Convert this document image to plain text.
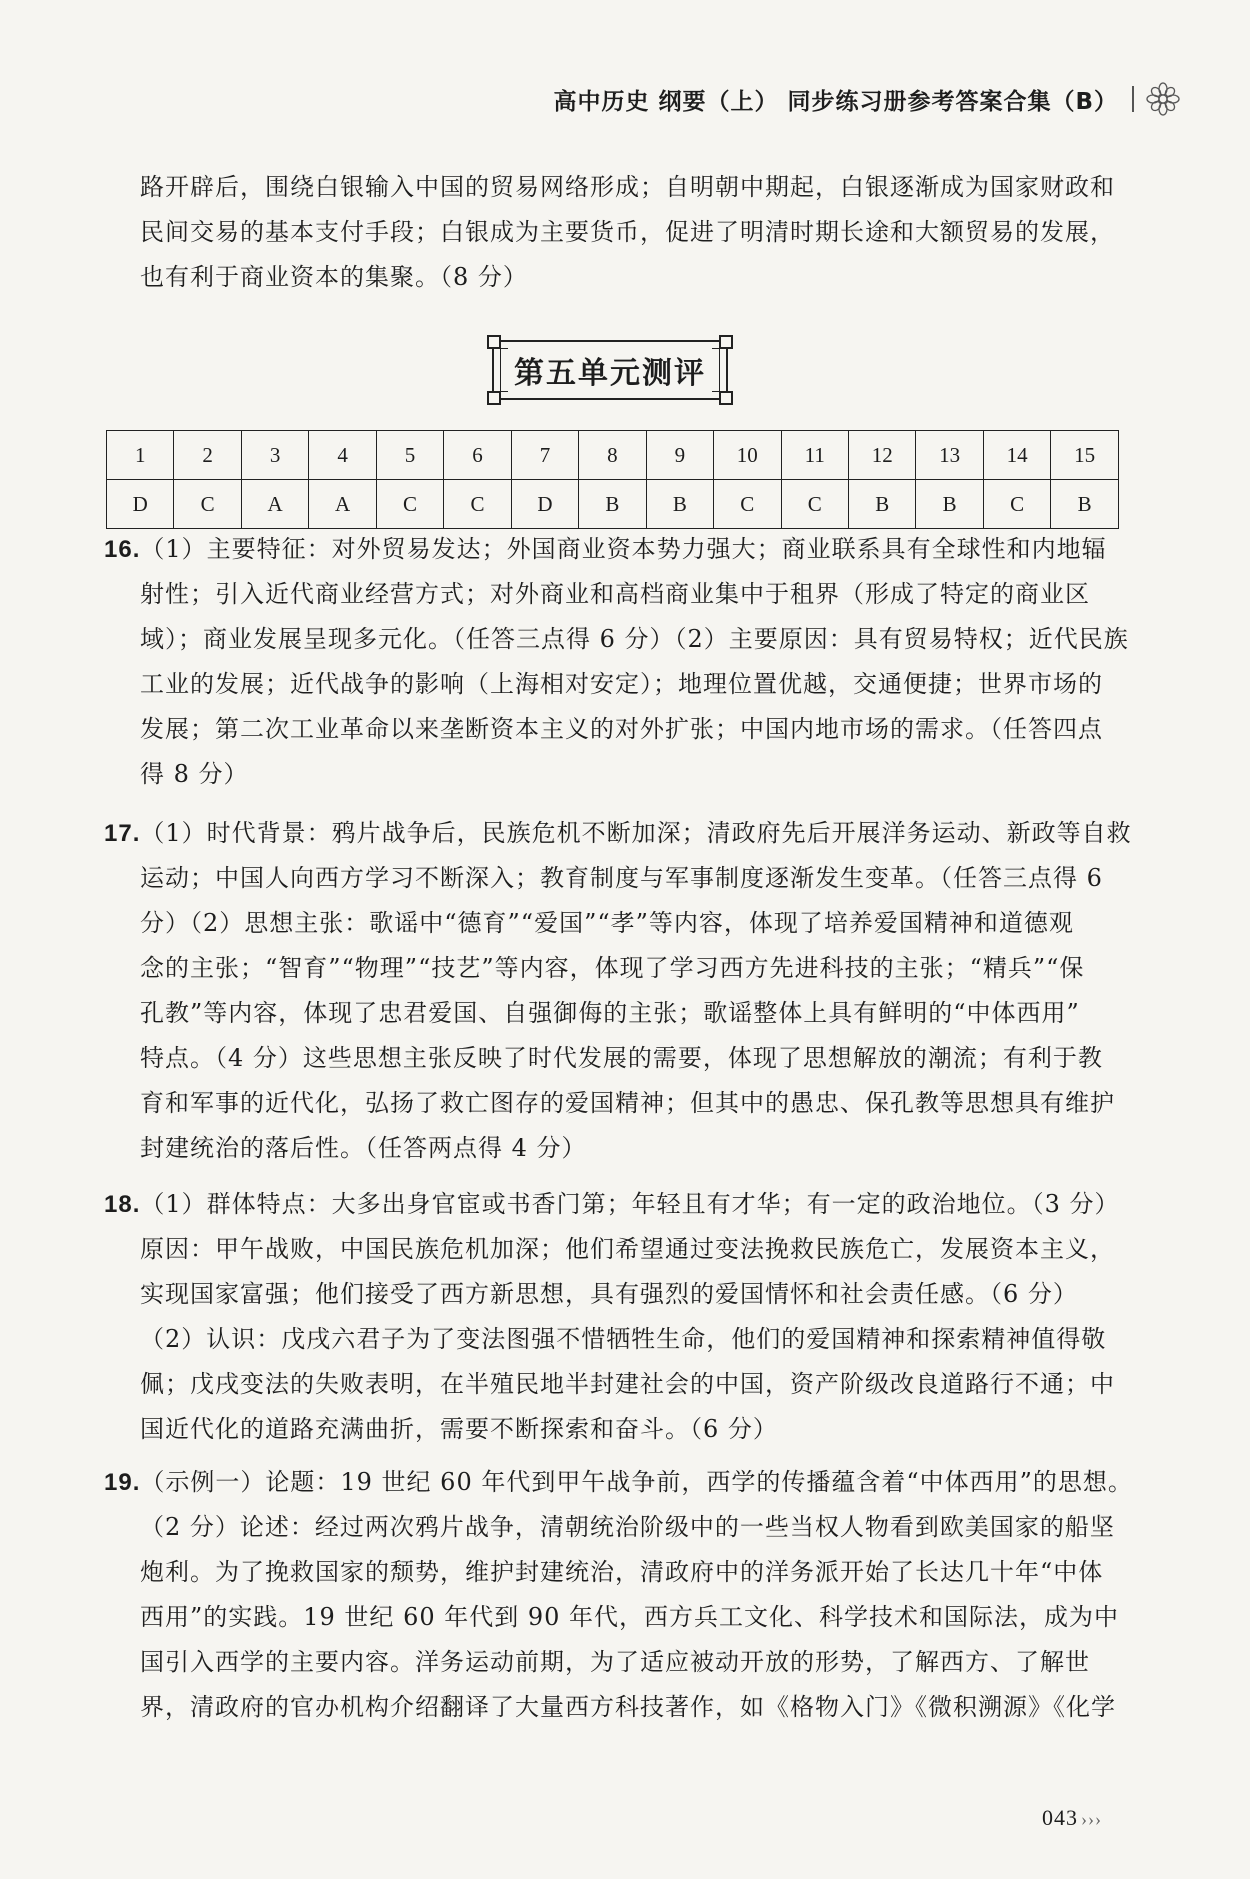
高中历史 纲要（上） 同步练习册参考答案合集（B）
路开辟后，围绕白银输入中国的贸易网络形成；自明朝中期起，白银逐渐成为国家财政和
民间交易的基本支付手段；白银成为主要货币，促进了明清时期长途和大额贸易的发展，
也有利于商业资本的集聚。（8 分）
第五单元测评
1	2	3	4	5	6	7	8	9	10	11	12	13	14	15
D	C	A	A	C	C	D	B	B	C	C	B	B	C	B
16.（1）主要特征：对外贸易发达；外国商业资本势力强大；商业联系具有全球性和内地辐
射性；引入近代商业经营方式；对外商业和高档商业集中于租界（形成了特定的商业区
域）；商业发展呈现多元化。（任答三点得 6 分）（2）主要原因：具有贸易特权；近代民族
工业的发展；近代战争的影响（上海相对安定）；地理位置优越，交通便捷；世界市场的
发展；第二次工业革命以来垄断资本主义的对外扩张；中国内地市场的需求。（任答四点
得 8 分）
17.（1）时代背景：鸦片战争后，民族危机不断加深；清政府先后开展洋务运动、新政等自救
运动；中国人向西方学习不断深入；教育制度与军事制度逐渐发生变革。（任答三点得 6
分）（2）思想主张：歌谣中“德育”“爱国”“孝”等内容，体现了培养爱国精神和道德观
念的主张；“智育”“物理”“技艺”等内容，体现了学习西方先进科技的主张；“精兵”“保
孔教”等内容，体现了忠君爱国、自强御侮的主张；歌谣整体上具有鲜明的“中体西用”
特点。（4 分）这些思想主张反映了时代发展的需要，体现了思想解放的潮流；有利于教
育和军事的近代化，弘扬了救亡图存的爱国精神；但其中的愚忠、保孔教等思想具有维护
封建统治的落后性。（任答两点得 4 分）
18.（1）群体特点：大多出身官宦或书香门第；年轻且有才华；有一定的政治地位。（3 分）
原因：甲午战败，中国民族危机加深；他们希望通过变法挽救民族危亡，发展资本主义，
实现国家富强；他们接受了西方新思想，具有强烈的爱国情怀和社会责任感。（6 分）
（2）认识：戊戌六君子为了变法图强不惜牺牲生命，他们的爱国精神和探索精神值得敬
佩；戊戌变法的失败表明，在半殖民地半封建社会的中国，资产阶级改良道路行不通；中
国近代化的道路充满曲折，需要不断探索和奋斗。（6 分）
19.（示例一）论题：19 世纪 60 年代到甲午战争前，西学的传播蕴含着“中体西用”的思想。
（2 分）论述：经过两次鸦片战争，清朝统治阶级中的一些当权人物看到欧美国家的船坚
炮利。为了挽救国家的颓势，维护封建统治，清政府中的洋务派开始了长达几十年“中体
西用”的实践。19 世纪 60 年代到 90 年代，西方兵工文化、科学技术和国际法，成为中
国引入西学的主要内容。洋务运动前期，为了适应被动开放的形势，了解西方、了解世
界，清政府的官办机构介绍翻译了大量西方科技著作，如《格物入门》《微积溯源》《化学
043 ›››
